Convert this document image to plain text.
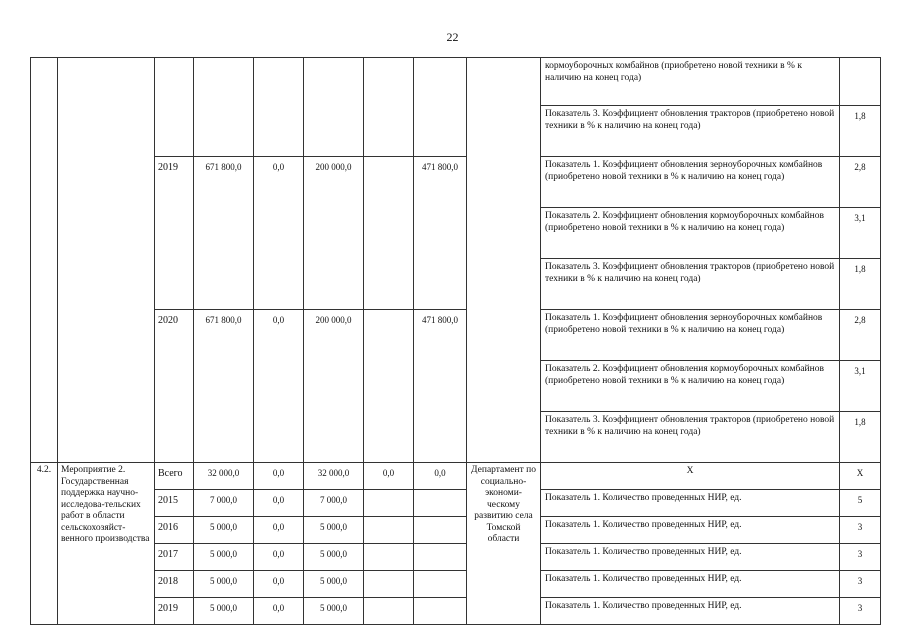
22
									кормоуборочных комбайнов (приобретено новой техники в % к наличию на конец года)	
									Показатель 3. Коэффициент обновления тракторов (приобретено новой техники в % к наличию на конец года)	1,8
		2019	671 800,0	0,0	200 000,0		471 800,0		Показатель 1. Коэффициент обновления зерноуборочных комбайнов (приобретено новой техники в % к наличию на конец года)	2,8
									Показатель 2. Коэффициент обновления кормоуборочных комбайнов (приобретено новой техники в % к наличию на конец года)	3,1
									Показатель 3. Коэффициент обновления тракторов (приобретено новой техники в % к наличию на конец года)	1,8
		2020	671 800,0	0,0	200 000,0		471 800,0		Показатель 1. Коэффициент обновления зерноуборочных комбайнов (приобретено новой техники в % к наличию на конец года)	2,8
									Показатель 2. Коэффициент обновления кормоуборочных комбайнов (приобретено новой техники в % к наличию на конец года)	3,1
									Показатель 3. Коэффициент обновления тракторов (приобретено новой техники в % к наличию на конец года)	1,8
4.2.	Мероприятие 2. Государственная поддержка научно-исследова-тельских работ в области сельскохозяйст-венного производства	Всего	32 000,0	0,0	32 000,0	0,0	0,0	Департамент по социально-экономи-ческому развитию села Томской области	Х	Х
		2015	7 000,0	0,0	7 000,0				Показатель 1. Количество проведенных НИР, ед.	5
		2016	5 000,0	0,0	5 000,0				Показатель 1. Количество проведенных НИР, ед.	3
		2017	5 000,0	0,0	5 000,0				Показатель 1. Количество проведенных НИР, ед.	3
		2018	5 000,0	0,0	5 000,0				Показатель 1. Количество проведенных НИР, ед.	3
		2019	5 000,0	0,0	5 000,0				Показатель 1. Количество проведенных НИР, ед.	3
